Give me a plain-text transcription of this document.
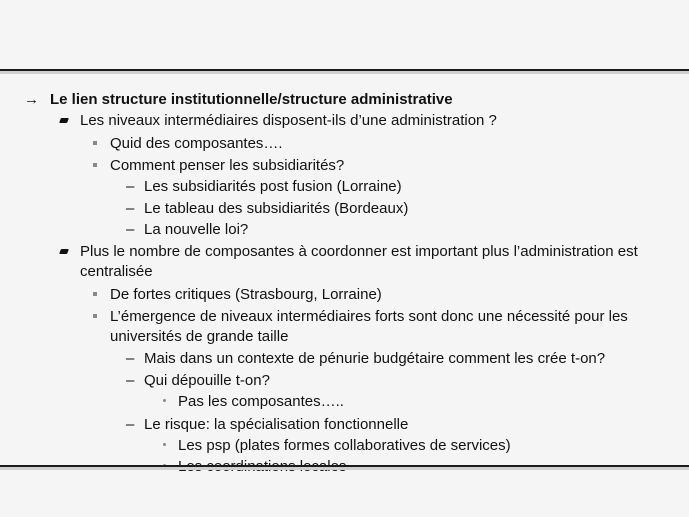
→ Le lien structure institutionnelle/structure administrative
Les niveaux intermédiaires disposent-ils d’une administration ?
Quid des composantes….
Comment penser les subsidiarités?
– Les subsidiarités post fusion (Lorraine)
– Le tableau des subsidiarités (Bordeaux)
– La nouvelle loi?
Plus le nombre de composantes à coordonner est important plus l’administration est
centralisée
De fortes critiques (Strasbourg, Lorraine)
L’émergence de niveaux intermédiaires forts sont donc une nécessité pour les
universités de grande taille
– Mais dans un contexte de pénurie budgétaire comment les crée t-on?
– Qui dépouille t-on?
Pas les composantes…..
– Le risque: la spécialisation fonctionnelle
Les psp (plates formes collaboratives de services)
